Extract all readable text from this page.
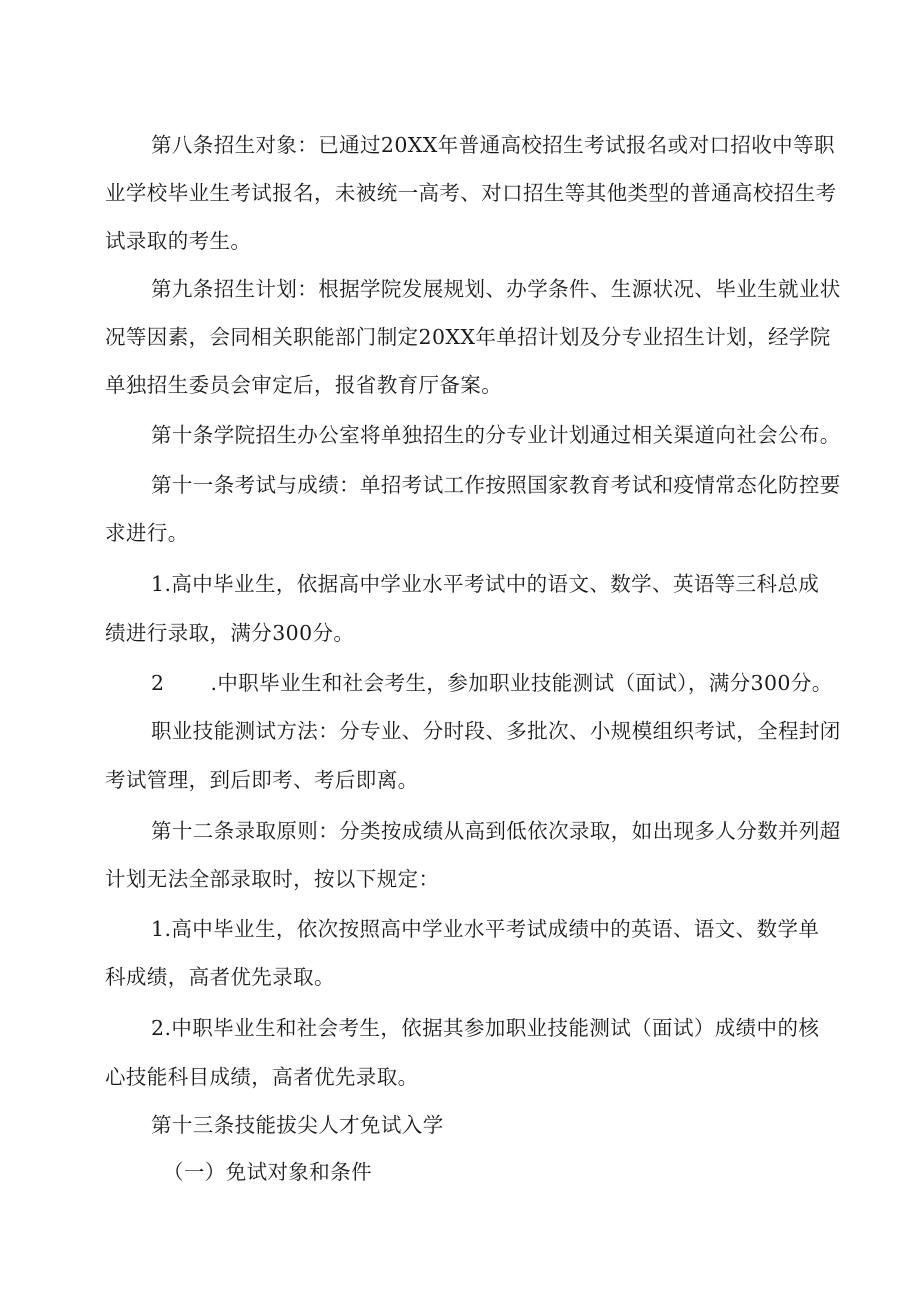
第八条招生对象：已通过20XX年普通高校招生考试报名或对口招收中等职
业学校毕业生考试报名，未被统一高考、对口招生等其他类型的普通高校招生考
试录取的考生。
第九条招生计划：根据学院发展规划、办学条件、生源状况、毕业生就业状
况等因素，会同相关职能部门制定20XX年单招计划及分专业招生计划，经学院
单独招生委员会审定后，报省教育厅备案。
第十条学院招生办公室将单独招生的分专业计划通过相关渠道向社会公布。
第十一条考试与成绩：单招考试工作按照国家教育考试和疫情常态化防控要
求进行。
1.高中毕业生，依据高中学业水平考试中的语文、数学、英语等三科总成
绩进行录取，满分300分。
2 .中职毕业生和社会考生，参加职业技能测试（面试），满分300分。
职业技能测试方法：分专业、分时段、多批次、小规模组织考试，全程封闭
考试管理，到后即考、考后即离。
第十二条录取原则：分类按成绩从高到低依次录取，如出现多人分数并列超
计划无法全部录取时，按以下规定：
1.高中毕业生，依次按照高中学业水平考试成绩中的英语、语文、数学单
科成绩，高者优先录取。
2.中职毕业生和社会考生，依据其参加职业技能测试（面试）成绩中的核
心技能科目成绩，高者优先录取。
第十三条技能拔尖人才免试入学
（一）免试对象和条件
